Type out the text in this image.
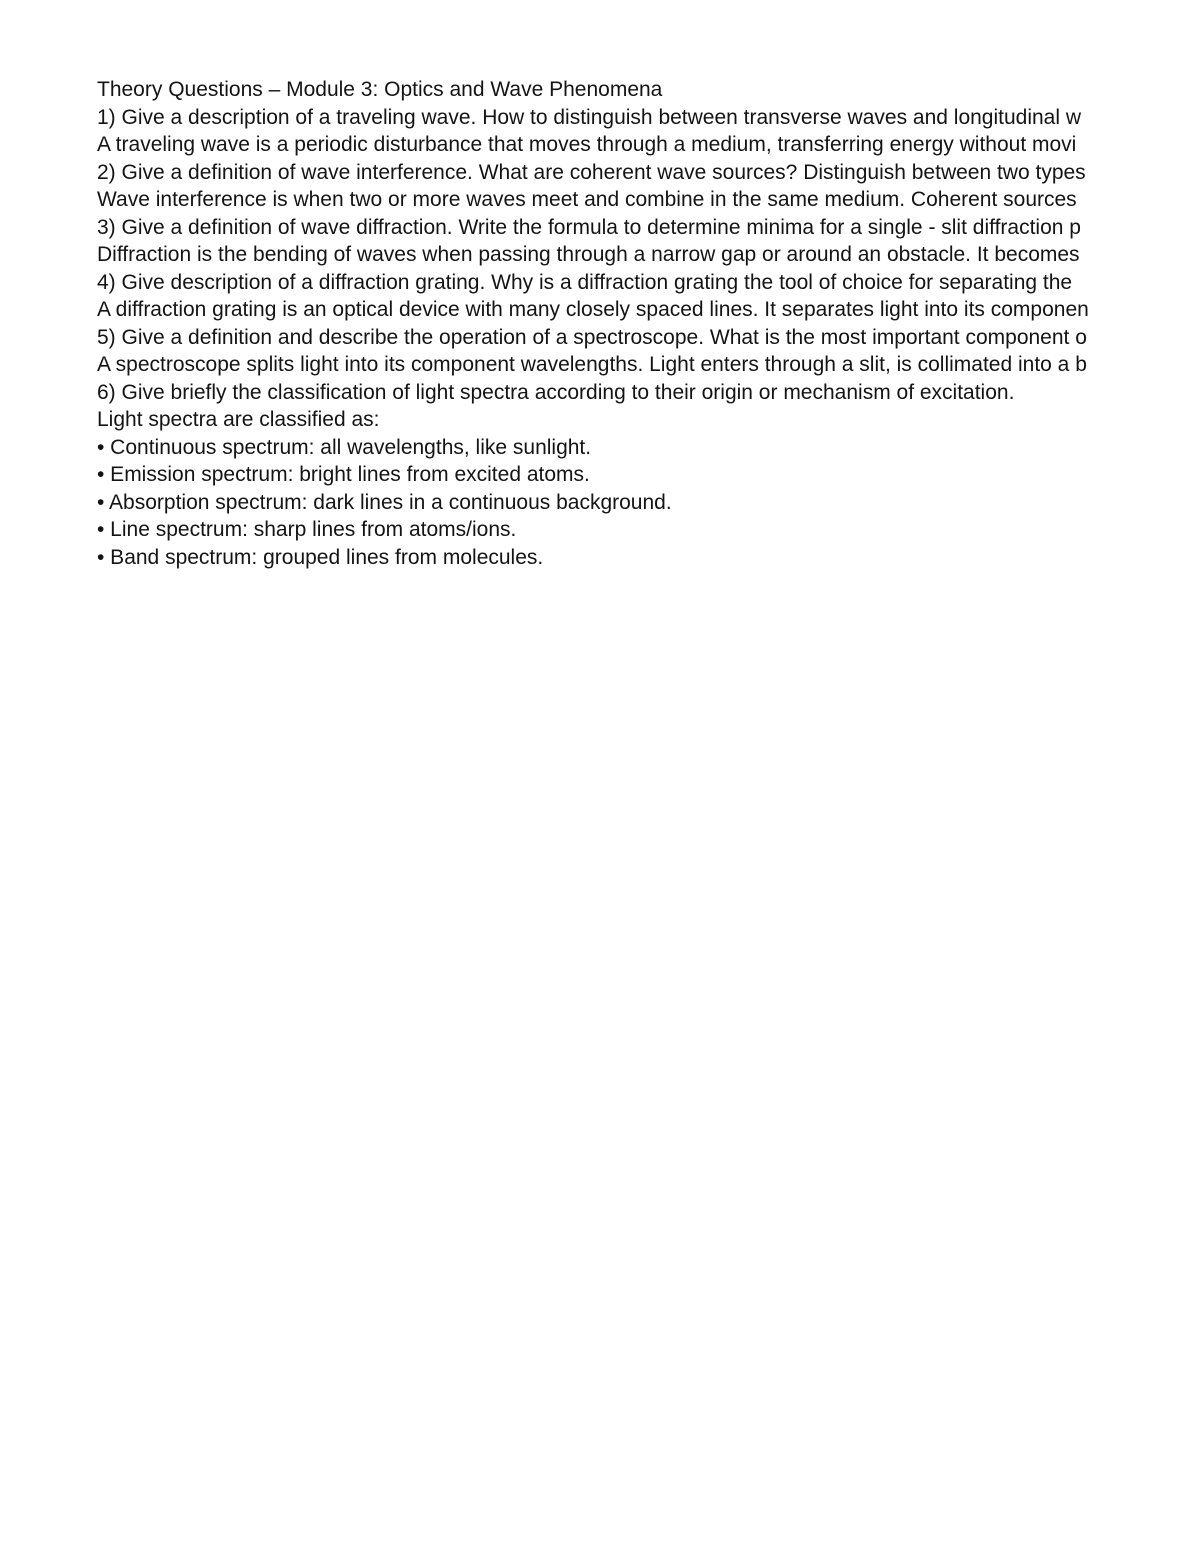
Theory Questions – Module 3: Optics and Wave Phenomena
1) Give a description of a traveling wave. How to distinguish between transverse waves and longitudinal w
A traveling wave is a periodic disturbance that moves through a medium, transferring energy without movi
2) Give a definition of wave interference. What are coherent wave sources? Distinguish between two types
Wave interference is when two or more waves meet and combine in the same medium. Coherent sources
3) Give a definition of wave diffraction. Write the formula to determine minima for a single - slit diffraction p
Diffraction is the bending of waves when passing through a narrow gap or around an obstacle. It becomes
4) Give description of a diffraction grating. Why is a diffraction grating the tool of choice for separating the
A diffraction grating is an optical device with many closely spaced lines. It separates light into its componen
5) Give a definition and describe the operation of a spectroscope. What is the most important component o
A spectroscope splits light into its component wavelengths. Light enters through a slit, is collimated into a b
6) Give briefly the classification of light spectra according to their origin or mechanism of excitation.
Light spectra are classified as:
• Continuous spectrum: all wavelengths, like sunlight.
• Emission spectrum: bright lines from excited atoms.
• Absorption spectrum: dark lines in a continuous background.
• Line spectrum: sharp lines from atoms/ions.
• Band spectrum: grouped lines from molecules.
